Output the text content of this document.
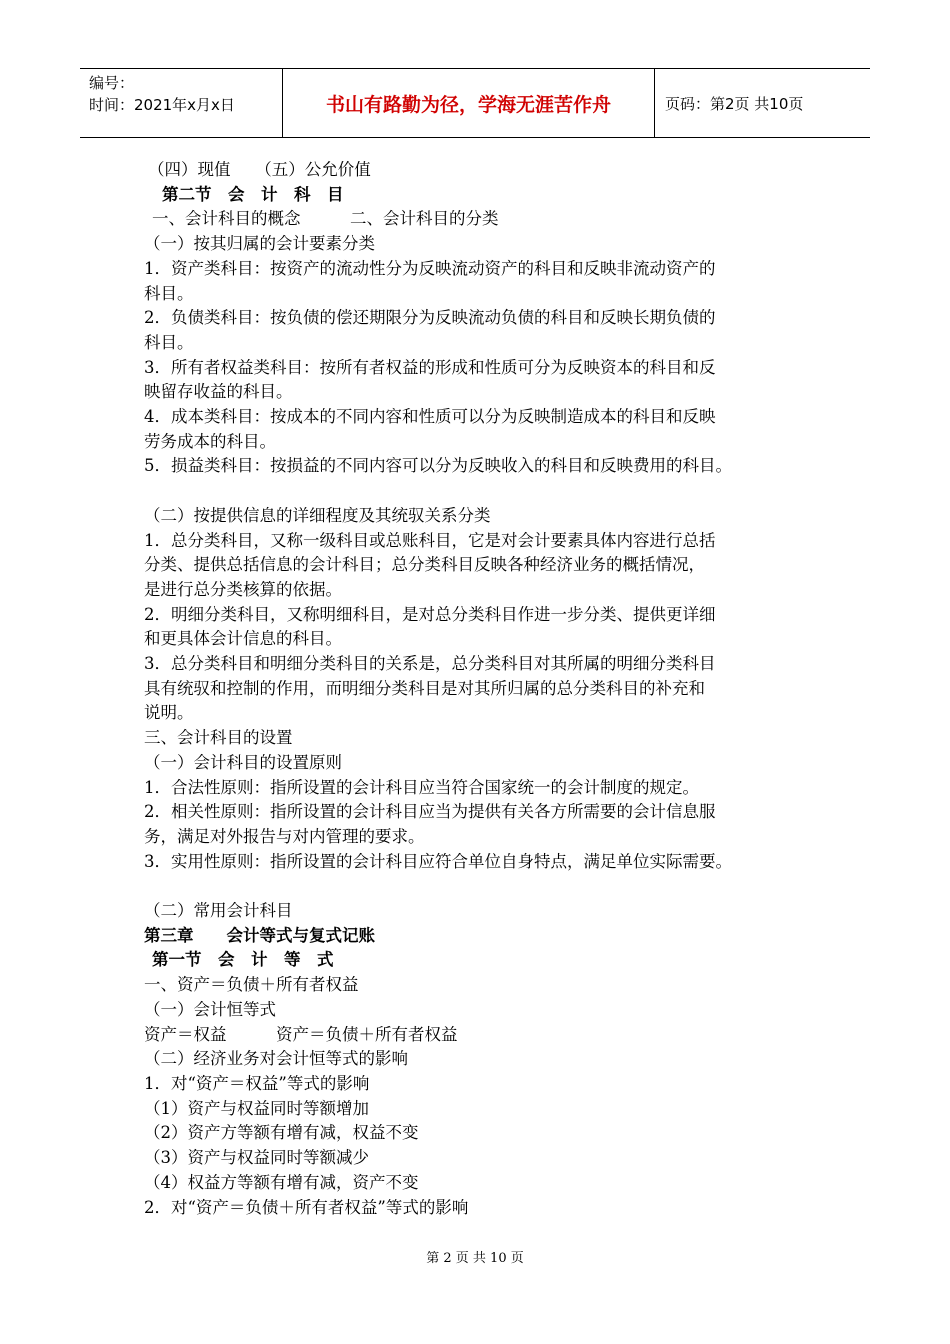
编号：
时间：2021年x月x日	书山有路勤为径，学海无涯苦作舟	页码：第2页 共10页
（四）现值　　（五）公允价值
第二节　会　计　科　目
一、会计科目的概念　　　二、会计科目的分类
（一）按其归属的会计要素分类
1．资产类科目：按资产的流动性分为反映流动资产的科目和反映非流动资产的
科目。
2．负债类科目：按负债的偿还期限分为反映流动负债的科目和反映长期负债的
科目。
3．所有者权益类科目：按所有者权益的形成和性质可分为反映资本的科目和反
映留存收益的科目。
4．成本类科目：按成本的不同内容和性质可以分为反映制造成本的科目和反映
劳务成本的科目。
5．损益类科目：按损益的不同内容可以分为反映收入的科目和反映费用的科目。
（二）按提供信息的详细程度及其统驭关系分类
1．总分类科目，又称一级科目或总账科目，它是对会计要素具体内容进行总括
分类、提供总括信息的会计科目；总分类科目反映各种经济业务的概括情况，
是进行总分类核算的依据。
2．明细分类科目，又称明细科目，是对总分类科目作进一步分类、提供更详细
和更具体会计信息的科目。
3．总分类科目和明细分类科目的关系是，总分类科目对其所属的明细分类科目
具有统驭和控制的作用，而明细分类科目是对其所归属的总分类科目的补充和
说明。
三、会计科目的设置
（一）会计科目的设置原则
1．合法性原则：指所设置的会计科目应当符合国家统一的会计制度的规定。
2．相关性原则：指所设置的会计科目应当为提供有关各方所需要的会计信息服
务，满足对外报告与对内管理的要求。
3．实用性原则：指所设置的会计科目应符合单位自身特点，满足单位实际需要。
（二）常用会计科目
第三章　　会计等式与复式记账
第一节　会　计　等　式
一、资产＝负债＋所有者权益
（一）会计恒等式
资产＝权益　　　资产＝负债＋所有者权益
（二）经济业务对会计恒等式的影响
1．对“资产＝权益”等式的影响
（1）资产与权益同时等额增加
（2）资产方等额有增有减，权益不变
（3）资产与权益同时等额减少
（4）权益方等额有增有减，资产不变
2．对“资产＝负债＋所有者权益”等式的影响
第 2 页 共 10 页
